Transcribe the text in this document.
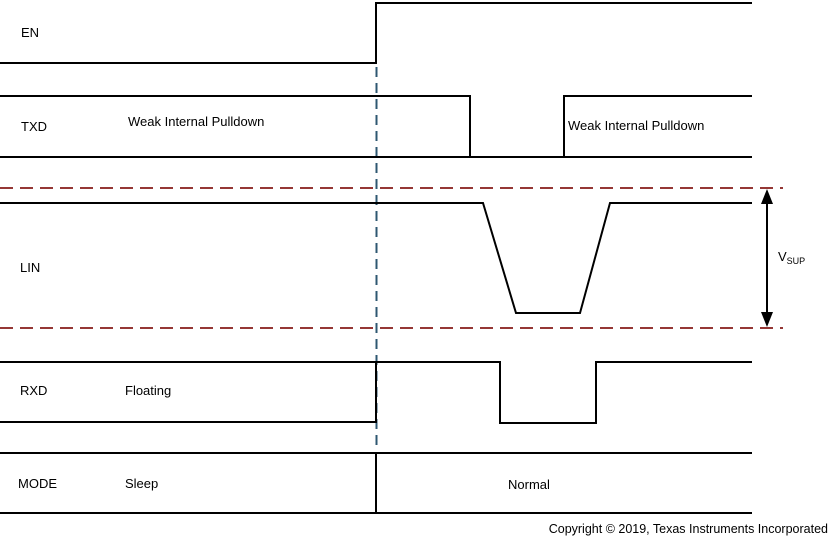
EN
TXD
LIN
RXD
MODE
Weak Internal Pulldown	Weak Internal Pulldown
Floating
Sleep	Normal
$V_{SUP}$
Copyright © 2019, Texas Instruments Incorporated
